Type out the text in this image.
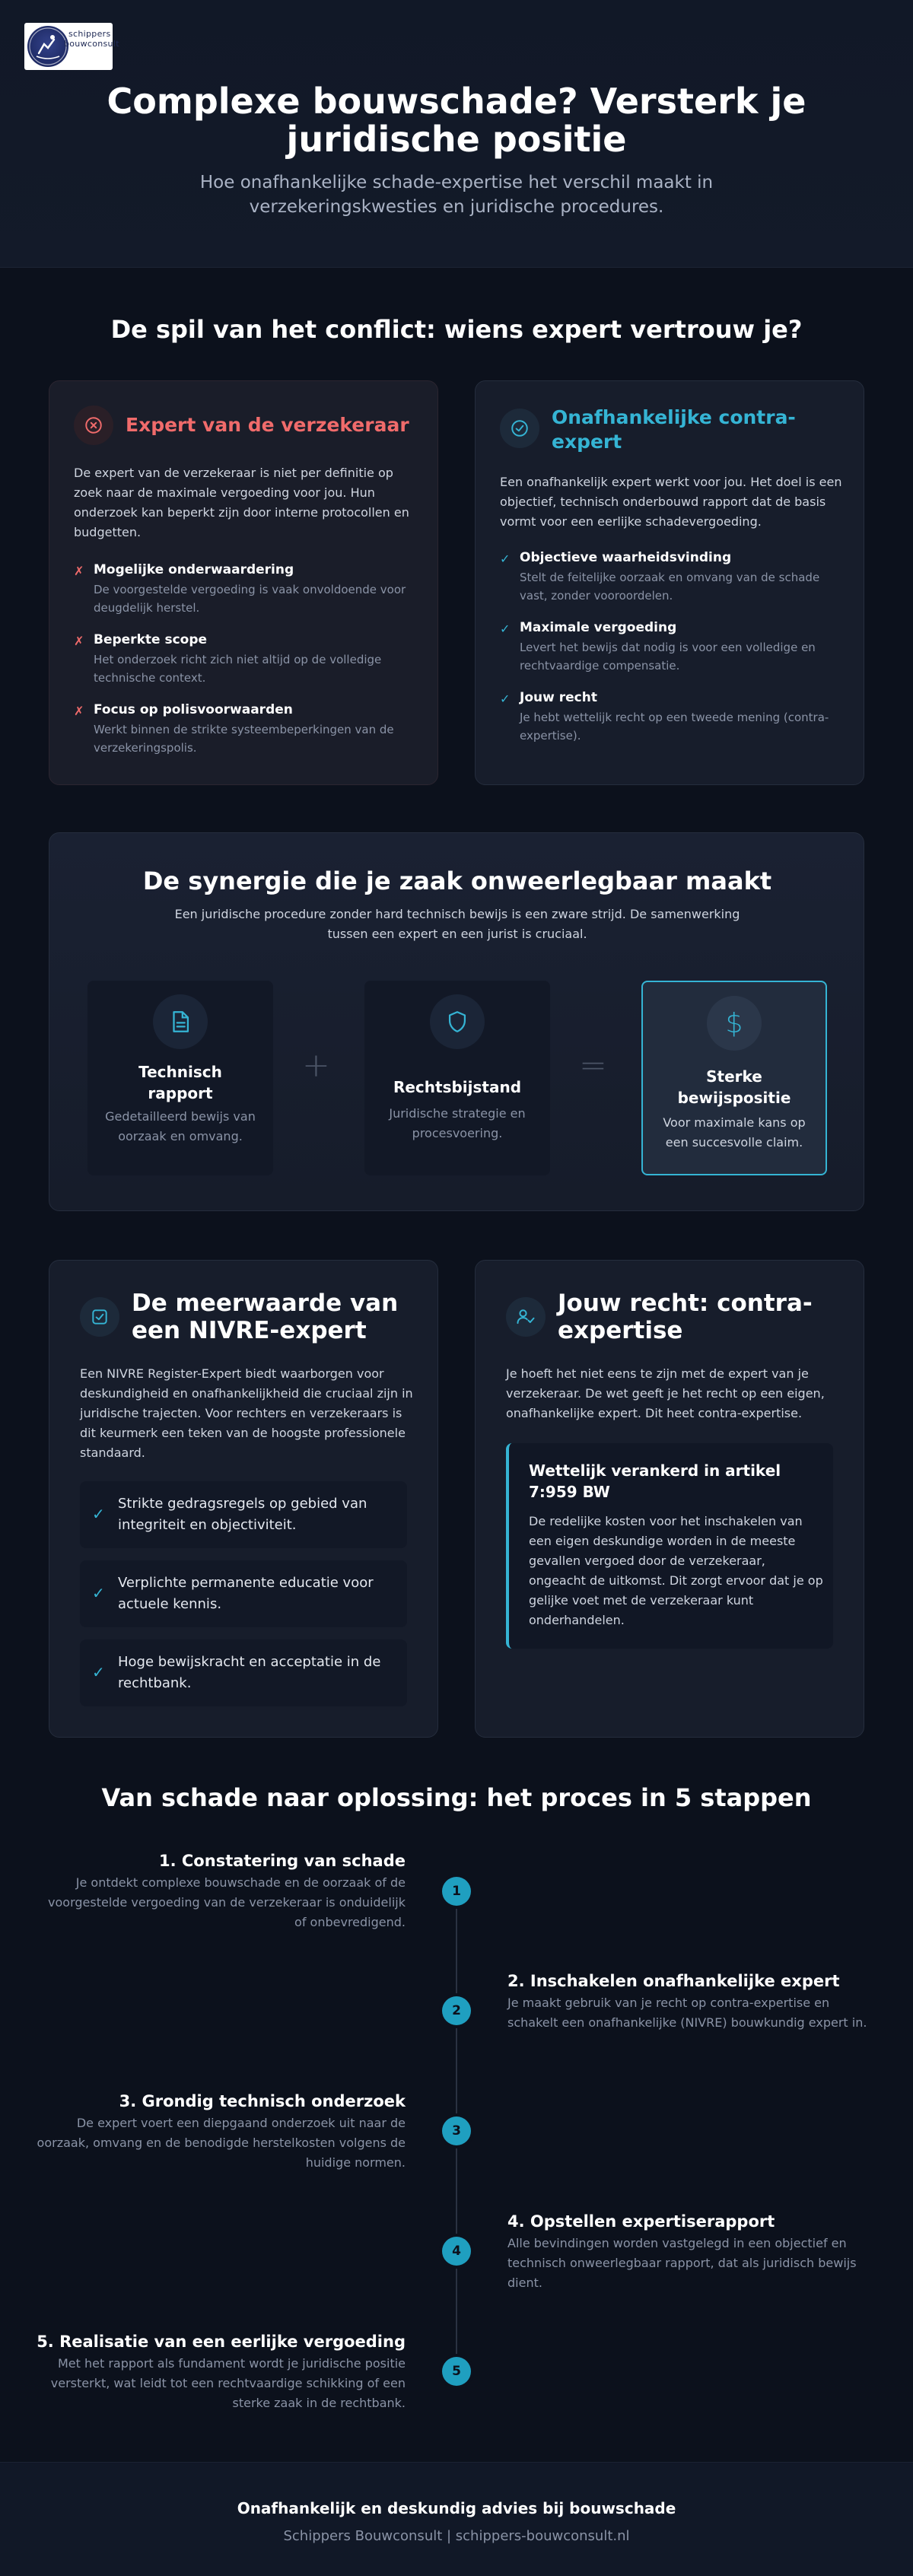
schippers
bouwconsult
Complexe bouwschade? Versterk je juridische positie

Hoe onafhankelijke schade-expertise het verschil maakt in verzekeringskwesties en juridische procedures.

De spil van het conflict: wiens expert vertrouw je?
Expert van de verzekeraar

De expert van de verzekeraar is niet per definitie op zoek naar de maximale vergoeding voor jou. Hun onderzoek kan beperkt zijn door interne protocollen en budgetten.

✗ Mogelijke onderwaardering

De voorgestelde vergoeding is vaak onvoldoende voor deugdelijk herstel.

✗ Beperkte scope

Het onderzoek richt zich niet altijd op de volledige technische context.

✗ Focus op polisvoorwaarden

Werkt binnen de strikte systeembeperkingen van de verzekeringspolis.

Onafhankelijke contra-expert

Een onafhankelijk expert werkt voor jou. Het doel is een objectief, technisch onderbouwd rapport dat de basis vormt voor een eerlijke schadevergoeding.

✓ Objectieve waarheidsvinding

Stelt de feitelijke oorzaak en omvang van de schade vast, zonder vooroordelen.

✓ Maximale vergoeding

Levert het bewijs dat nodig is voor een volledige en rechtvaardige compensatie.

✓ Jouw recht

Je hebt wettelijk recht op een tweede mening (contra-expertise).

De synergie die je zaak onweerlegbaar maakt

Een juridische procedure zonder hard technisch bewijs is een zware strijd. De samenwerking tussen een expert en een jurist is cruciaal.

Technisch rapport

Gedetailleerd bewijs van oorzaak en omvang.

+
Rechtsbijstand

Juridische strategie en procesvoering.

=
$
Sterke bewijspositie

Voor maximale kans op een succesvolle claim.

De meerwaarde van een NIVRE-expert

Een NIVRE Register-Expert biedt waarborgen voor deskundigheid en onafhankelijkheid die cruciaal zijn in juridische trajecten. Voor rechters en verzekeraars is dit keurmerk een teken van de hoogste professionele standaard.

✓

Strikte gedragsregels op gebied van integriteit en objectiviteit.

✓

Verplichte permanente educatie voor actuele kennis.

✓

Hoge bewijskracht en acceptatie in de rechtbank.

Jouw recht: contra-expertise

Je hoeft het niet eens te zijn met de expert van je verzekeraar. De wet geeft je het recht op een eigen, onafhankelijke expert. Dit heet contra-expertise.

Wettelijk verankerd in artikel 7:959 BW

De redelijke kosten voor het inschakelen van een eigen deskundige worden in de meeste gevallen vergoed door de verzekeraar, ongeacht de uitkomst. Dit zorgt ervoor dat je op gelijke voet met de verzekeraar kunt onderhandelen.

Van schade naar oplossing: het proces in 5 stappen
1
1. Constatering van schade

Je ontdekt complexe bouwschade en de oorzaak of de voorgestelde vergoeding van de verzekeraar is onduidelijk of onbevredigend.

2
2. Inschakelen onafhankelijke expert

Je maakt gebruik van je recht op contra-expertise en schakelt een onafhankelijke (NIVRE) bouwkundig expert in.

3
3. Grondig technisch onderzoek

De expert voert een diepgaand onderzoek uit naar de oorzaak, omvang en de benodigde herstelkosten volgens de huidige normen.

4
4. Opstellen expertiserapport

Alle bevindingen worden vastgelegd in een objectief en technisch onweerlegbaar rapport, dat als juridisch bewijs dient.

5
5. Realisatie van een eerlijke vergoeding

Met het rapport als fundament wordt je juridische positie versterkt, wat leidt tot een rechtvaardige schikking of een sterke zaak in de rechtbank.

Onafhankelijk en deskundig advies bij bouwschade

Schippers Bouwconsult | schippers-bouwconsult.nl
